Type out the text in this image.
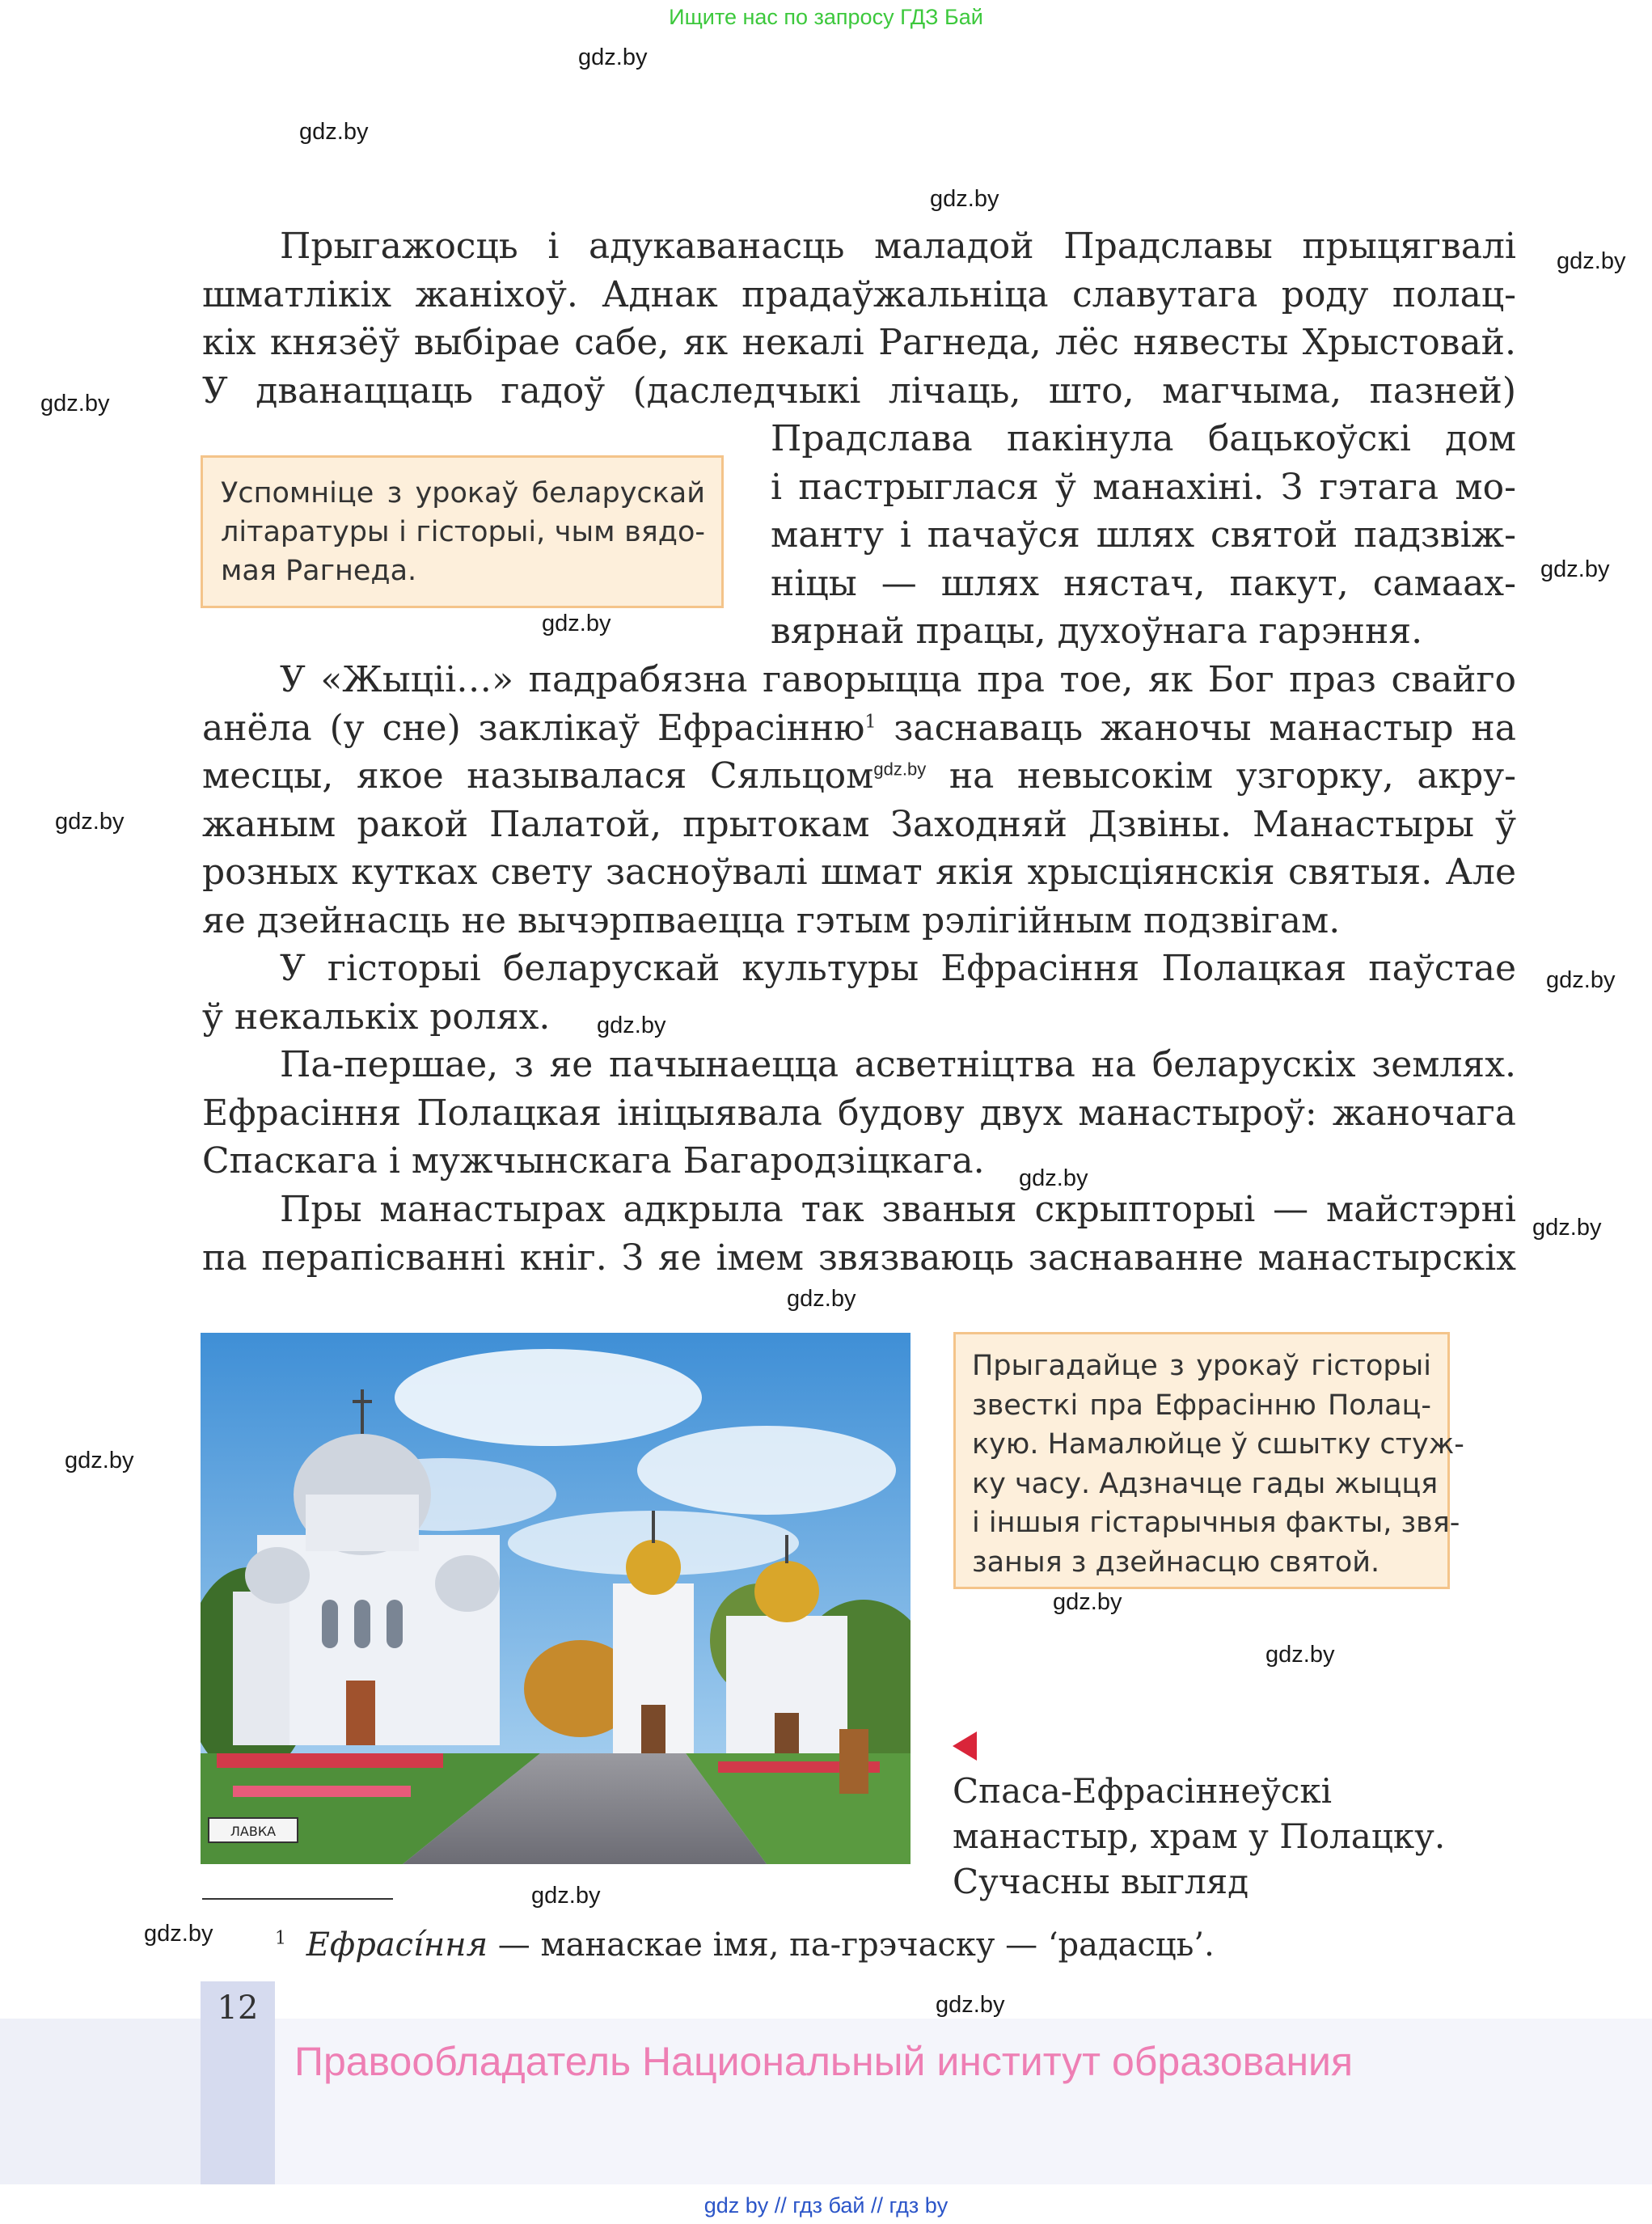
Ищите нас по запросу ГДЗ Бай
gdz.by
gdz.by
gdz.by
gdz.by
gdz.by
gdz.by
gdz.by
gdz.by
gdz.by
gdz.by
gdz.by
gdz.by
gdz.by
gdz.by
gdz.by
gdz.by
gdz.by
gdz.by
gdz.by
Прыгажосць і адукаванасць маладой Прадславы прыцягвалі
шматлікіх жаніхоў. Аднак прадаўжальніца славутага роду полац-
кіх князёў выбірае сабе, як некалі Рагнеда, лёс нявесты Хрыстовай.
У дванаццаць гадоў (даследчыкі лічаць, што, магчыма, пазней)
Прадслава пакінула бацькоўскі дом
і пастрыглася ў манахіні. З гэтага мо-
манту і пачаўся шлях святой падзвіж-
ніцы — шлях нястач, пакут, самаах-
вярнай працы, духоўнага гарэння.
Успомніце з урокаў беларускай
літаратуры і гісторыі, чым вядо-
мая Рагнеда.
У «Жыцii…» падрабязна гаворыцца пра тое, як Бог праз свайго
анёла (у сне) заклікаў Ефрасінню$^1$ заснаваць жаночы манастыр на
месцы, якое называлася Сяльцом$^{gdz.by}$ на невысокім узгорку, акру-
жаным ракой Палатой, прытокам Заходняй Дзвіны. Манастыры ў
розных кутках свету засноўвалі шмат якія хрысціянскія святыя. Але
яе дзейнасць не вычэрпваецца гэтым рэлігійным подзвігам.
У гісторыі беларускай культуры Ефрасіння Полацкая паўстае
ў некалькіх ролях.
Па-першае, з яе пачынаецца асветніцтва на беларускіх землях.
Ефрасіння Полацкая ініцыявала будову двух манастыроў: жаночага
Спаскага і мужчынскага Багародзіцкага.
Пры манастырах адкрыла так званыя скрыпторыі — майстэрні
па перапісванні кніг. З яе імем звязваюць заснаванне манастырскіх
ЛАВКА
Прыгадайце з урокаў гісторыі
звесткі пра Ефрасінню Полац-
кую. Намалюйце ў сшытку стуж-
ку часу. Адзначце гады жыцця
і іншыя гістарычныя факты, звя-
заныя з дзейнасцю святой.
Спаса-Ефрасіннеўскі
манастыр, храм у Полацку.
Сучасны выгляд
$^1$ Ефрасíння — манаскае імя, па-грэчаску — ‘радасць’.
12
Правообладатель Национальный институт образования
gdz by // гдз бай // гдз by
